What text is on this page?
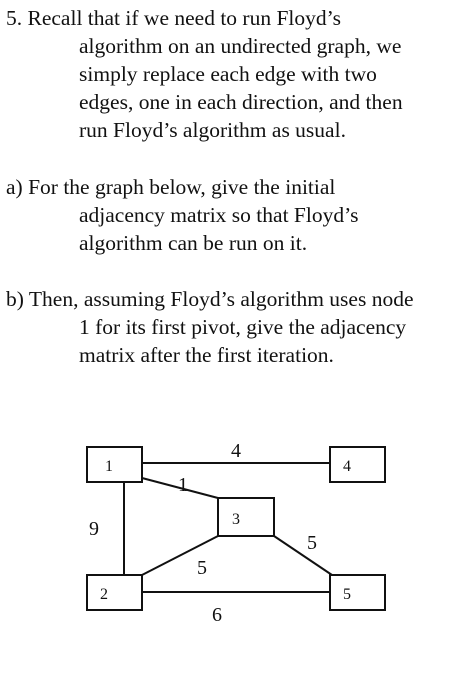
5. Recall that if we need to run Floyd’s
algorithm on an undirected graph, we
simply replace each edge with two
edges, one in each direction, and then
run Floyd’s algorithm as usual.
a) For the graph below, give the initial
adjacency matrix so that Floyd’s
algorithm can be run on it.
b) Then, assuming Floyd’s algorithm uses node
1 for its first pivot, give the adjacency
matrix after the first iteration.
1	4
3
2	5
4
1
9
5
5
6
